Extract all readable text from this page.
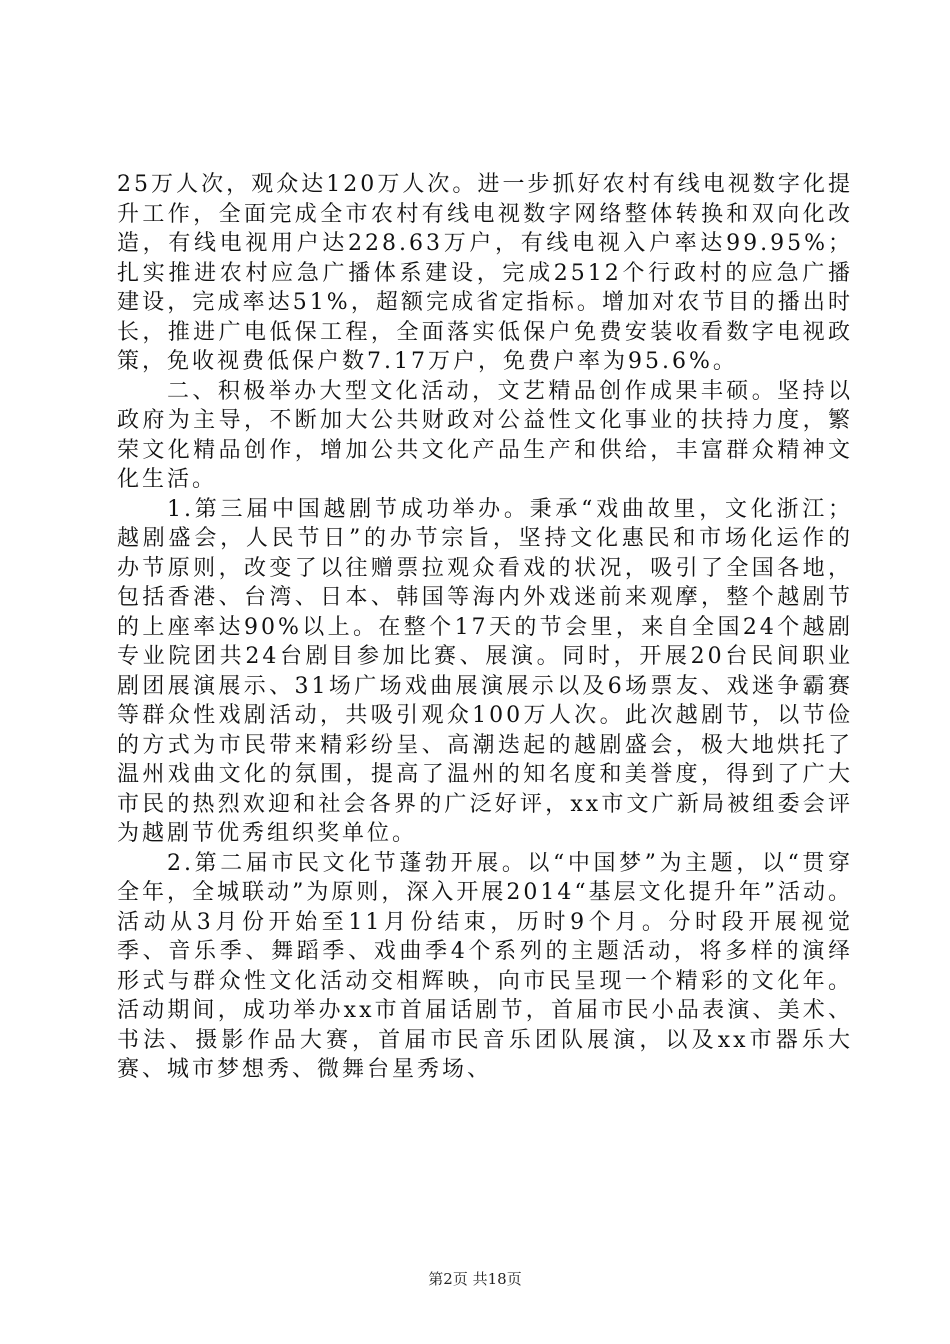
25万人次，观众达120万人次。进一步抓好农村有线电视数字化提升工作，全面完成全市农村有线电视数字网络整体转换和双向化改造，有线电视用户达228.63万户，有线电视入户率达99.95%；扎实推进农村应急广播体系建设，完成2512个行政村的应急广播建设，完成率达51%，超额完成省定指标。增加对农节目的播出时长，推进广电低保工程，全面落实低保户免费安装收看数字电视政策，免收视费低保户数7.17万户，免费户率为95.6%。

二、积极举办大型文化活动，文艺精品创作成果丰硕。坚持以政府为主导，不断加大公共财政对公益性文化事业的扶持力度，繁荣文化精品创作，增加公共文化产品生产和供给，丰富群众精神文化生活。

1.第三届中国越剧节成功举办。秉承“戏曲故里，文化浙江；越剧盛会，人民节日”的办节宗旨，坚持文化惠民和市场化运作的办节原则，改变了以往赠票拉观众看戏的状况，吸引了全国各地，包括香港、台湾、日本、韩国等海内外戏迷前来观摩，整个越剧节的上座率达90%以上。在整个17天的节会里，来自全国24个越剧专业院团共24台剧目参加比赛、展演。同时，开展20台民间职业剧团展演展示、31场广场戏曲展演展示以及6场票友、戏迷争霸赛等群众性戏剧活动，共吸引观众100万人次。此次越剧节，以节俭的方式为市民带来精彩纷呈、高潮迭起的越剧盛会，极大地烘托了温州戏曲文化的氛围，提高了温州的知名度和美誉度，得到了广大市民的热烈欢迎和社会各界的广泛好评，xx市文广新局被组委会评为越剧节优秀组织奖单位。

2.第二届市民文化节蓬勃开展。以“中国梦”为主题，以“贯穿全年，全城联动”为原则，深入开展2014“基层文化提升年”活动。活动从3月份开始至11月份结束，历时9个月。分时段开展视觉季、音乐季、舞蹈季、戏曲季4个系列的主题活动，将多样的演绎形式与群众性文化活动交相辉映，向市民呈现一个精彩的文化年。活动期间，成功举办xx市首届话剧节，首届市民小品表演、美术、书法、摄影作品大赛，首届市民音乐团队展演，以及xx市器乐大赛、城市梦想秀、微舞台星秀场、

第2页 共18页
